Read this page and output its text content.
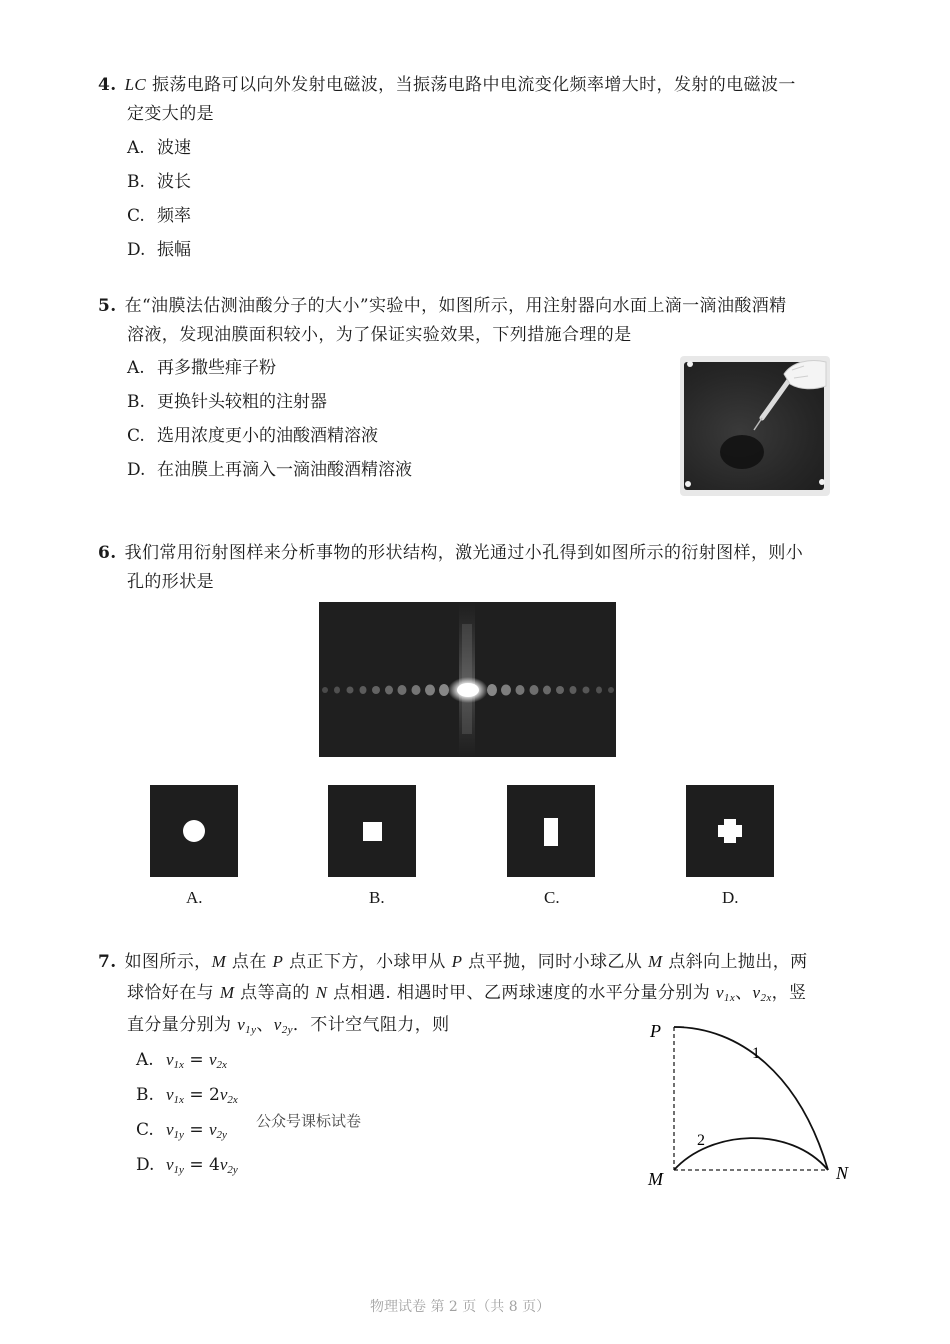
4. LC 振荡电路可以向外发射电磁波，当振荡电路中电流变化频率增大时，发射的电磁波一
定变大的是
A. 波速
B. 波长
C. 频率
D. 振幅
5. 在“油膜法估测油酸分子的大小”实验中，如图所示，用注射器向水面上滴一滴油酸酒精
溶液，发现油膜面积较小，为了保证实验效果，下列措施合理的是
A. 再多撒些痱子粉
B. 更换针头较粗的注射器
C. 选用浓度更小的油酸酒精溶液
D. 在油膜上再滴入一滴油酸酒精溶液
6. 我们常用衍射图样来分析事物的形状结构，激光通过小孔得到如图所示的衍射图样，则小
孔的形状是
A.	B.	C.	D.
7. 如图所示，M 点在 P 点正下方，小球甲从 P 点平抛，同时小球乙从 M 点斜向上抛出，两
球恰好在与 M 点等高的 N 点相遇. 相遇时甲、乙两球速度的水平分量分别为 $v_{1x}$、$v_{2x}$，竖
直分量分别为 $v_{1y}$、$v_{2y}$．不计空气阻力，则
A. $v_{1x} = v_{2x}$
B. $v_{1x} = 2v_{2x}$
C. $v_{1y} = v_{2y}$
D. $v_{1y} = 4v_{2y}$
公众号课标试卷
P
M	N
1
2
物理试卷 第 2 页（共 8 页）
